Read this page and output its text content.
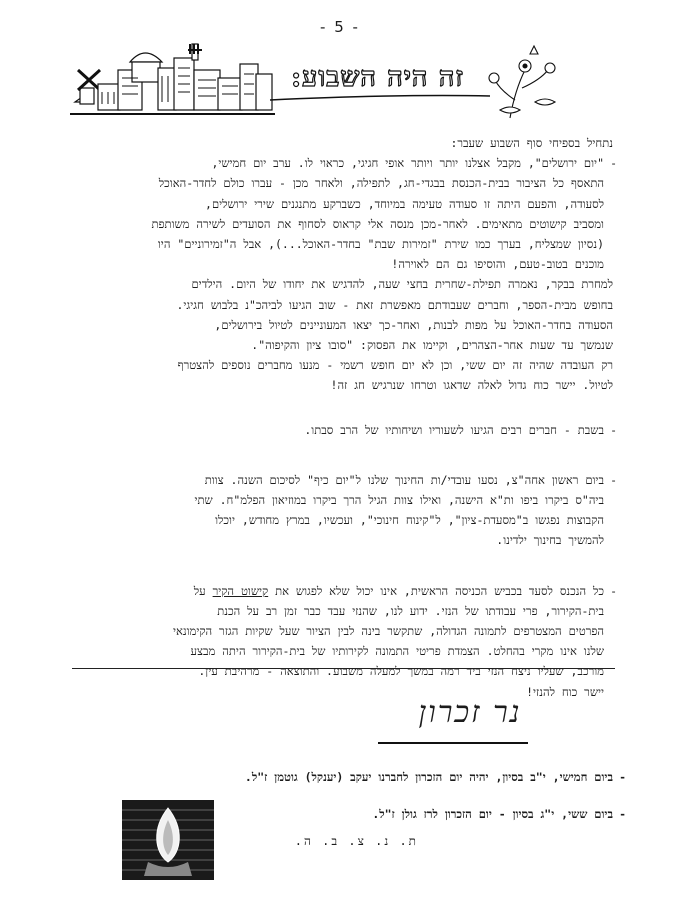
- 5 -
זה היה השבוע:

נתחיל בספיחי סוף השבוע שעבר:

- "יום ירושלים", מקבל אצלנו יותר ויותר אופי חגיגי, כראוי לו. ערב יום חמישי,

התאסף כל הציבור בבית-הכנסת בבגדי-חג, לתפילה, ולאחר מכן - עברו כולם לחדר-האוכל

לסעודה, והפעם היתה זו סעודה טעימה במיוחד, כשברקע מתנגנים שירי ירושלים,

ומסביב קישוטים מתאימים. לאחר-מכן מנסה אלי קראוס לסחוף את הסועדים לשירה משותפת

(נסיון שמצליח, בערך כמו שירת "זמירות שבת" בחדר-האוכל...), אבל ה"זמירוניים" היו

מוכנים בטוב-טעם, והוסיפו גם הם לאוירה!

למחרת בבקר, נאמרה תפילת-שחרית בחצי שעה, להדגיש את יחודו של היום. הילדים

בחופש מבית-הספר, וחברים שעבודתם מאפשרת זאת - שוב הגיעו לביהכ"נ בלבוש חגיגי.

הסעודה בחדר-האוכל על מפות לבנות, ואחר-כך יצאו המעוניינים לטיול בירושלים,

שנמשך עד שעות אחר-הצהרים, וקיימו את הפסוק: "סובו ציון והקיפוה".

רק העובדה שהיה זה יום ששי, וכן לא יום חופש רשמי - מנעו מחברים נוספים להצטרף

לטיול. יישר כוח גדול לאלה שדאגו וטרחו שנרגיש חג זה!

- בשבת - חברים רבים הגיעו לשעוריו ושיחותיו של הרב סבתו.

- ביום ראשון אחה"צ, נסעו עובדי/ות החינוך שלנו ל"יום כיף" לסיכום השנה. צוות

ביה"ס ביקרו ביפו ות"א הישנה, ואילו צוות הגיל הרך ביקרו במוזיאון הפלמ"ח. שתי

הקבוצות נפגשו ב"מסעדת-ציון", ל"קינוח חינוכי", ועכשיו, במרץ מחודש, יוכלו

להמשיך בחינוך ילדינו.

- כל הנכנס לסעד בכביש הכניסה הראשית, אינו יכול שלא לפגוש את קישוט הקיר על

בית-הקירור, פרי עבודתו של הנזי. ידוע לנו, שהנזי עבד כבר זמן רב על הכנת

הפרטים המצטרפים לתמונה הגדולה, שתקשר בינה לבין הציור שעל שקיות הגזר הקימונאי

שלנו אינו מקרי בהחלט. הצמדת פריטי התמונה לקירותיו של בית-הקירור היתה מבצע

מורכב, שעליו ניצח הנזי ביד רמה במשך למעלה משבוע. והתוצאה - מרהיבת עין.

יישר כוח להנזי!

נר זכרון
- ביום חמישי, י"ב בסיון, יהיה יום הזכרון לחברנו יעקב (יענקל) גוטמן ז"ל.
- ביום ששי, י"ג בסיון - יום הזכרון לרז גולן ז"ל.
ת. נ. צ. ב. ה.
